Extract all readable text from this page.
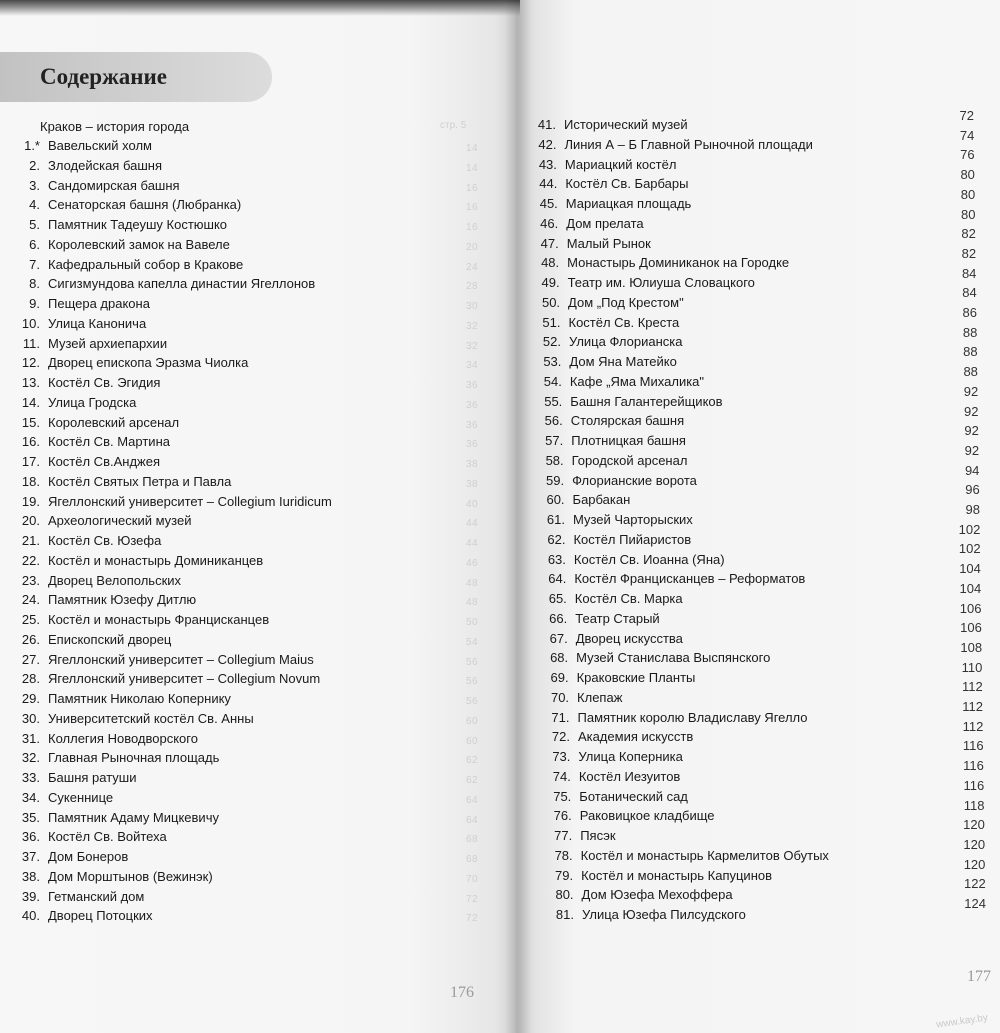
Содержание
Краков – история города	стр. 5
1.* Вавельский холм
2. Злодейская башня
3. Сандомирская башня
4. Сенаторская башня (Любранка)
5. Памятник Тадеушу Костюшко
6. Королевский замок на Вавеле
7. Кафедральный собор в Кракове
8. Сигизмундова капелла династии Ягеллонов
9. Пещера дракона
10. Улица Канонича
11. Музей архиепархии
12. Дворец епископа Эразма Чиолка
13. Костёл Св. Эгидия
14. Улица Гродска
15. Королевский арсенал
16. Костёл Св. Мартина
17. Костёл Св.Анджея
18. Костёл Святых Петра и Павла
19. Ягеллонский университет – Collegium Iuridicum
20. Археологический музей
21. Костёл Св. Юзефа
22. Костёл и монастырь Доминиканцев
23. Дворец Велопольских
24. Памятник Юзефу Дитлю
25. Костёл и монастырь Францисканцев
26. Епископский дворец
27. Ягеллонский университет – Collegium Maius
28. Ягеллонский университет – Collegium Novum
29. Памятник Николаю Копернику
30. Университетский костёл Св. Анны
31. Коллегия Новодворского
32. Главная Рыночная площадь
33. Башня ратуши
34. Сукеннице
35. Памятник Адаму Мицкевичу
36. Костёл Св. Войтеха
37. Дом Бонеров
38. Дом Морштынов (Вежинэк)
39. Гетманский дом
40. Дворец Потоцких
41. Исторический музей
42. Линия А – Б Главной Рыночной площади
43. Мариацкий костёл
44. Костёл Св. Барбары
45. Мариацкая площадь
46. Дом прелата
47. Малый Рынок
48. Монастырь Доминиканок на Городке
49. Театр им. Юлиуша Словацкого
50. Дом „Под Крестом"
51. Костёл Св. Креста
52. Улица Флорианска
53. Дом Яна Матейко
54. Кафе „Яма Михалика"
55. Башня Галантерейщиков
56. Столярская башня
57. Плотницкая башня
58. Городской арсенал
59. Флорианские ворота
60. Барбакан
61. Музей Чарторыских
62. Костёл Пийаристов
63. Костёл Св. Иоанна (Яна)
64. Костёл Францисканцев – Реформатов
65. Костёл Св. Марка
66. Театр Старый
67. Дворец искусства
68. Музей Станислава Выспянского
69. Краковские Планты
70. Клепаж
71. Памятник королю Владиславу Ягелло
72. Академия искусств
73. Улица Коперника
74. Костёл Иезуитов
75. Ботанический сад
76. Раковицкое кладбище
77. Пясэк
78. Костёл и монастырь Кармелитов Обутых
79. Костёл и монастырь Капуцинов
80. Дом Юзефа Мехоффера
81. Улица Юзефа Пилсудского
176
177
www.kay.by
14
14
16
16
16
20
24
28
30
32
32
34
36
36
36
36
38
38
40
44
44
46
48
48
50
54
56
56
56
60
60
62
62
64
64
68
68
70
72
72
72
74
76
80
80
80
82
82
84
84
86
88
88
88
92
92
92
92
94
96
98
102
102
104
104
106
106
108
110
112
112
112
116
116
116
118
120
120
120
122
124
